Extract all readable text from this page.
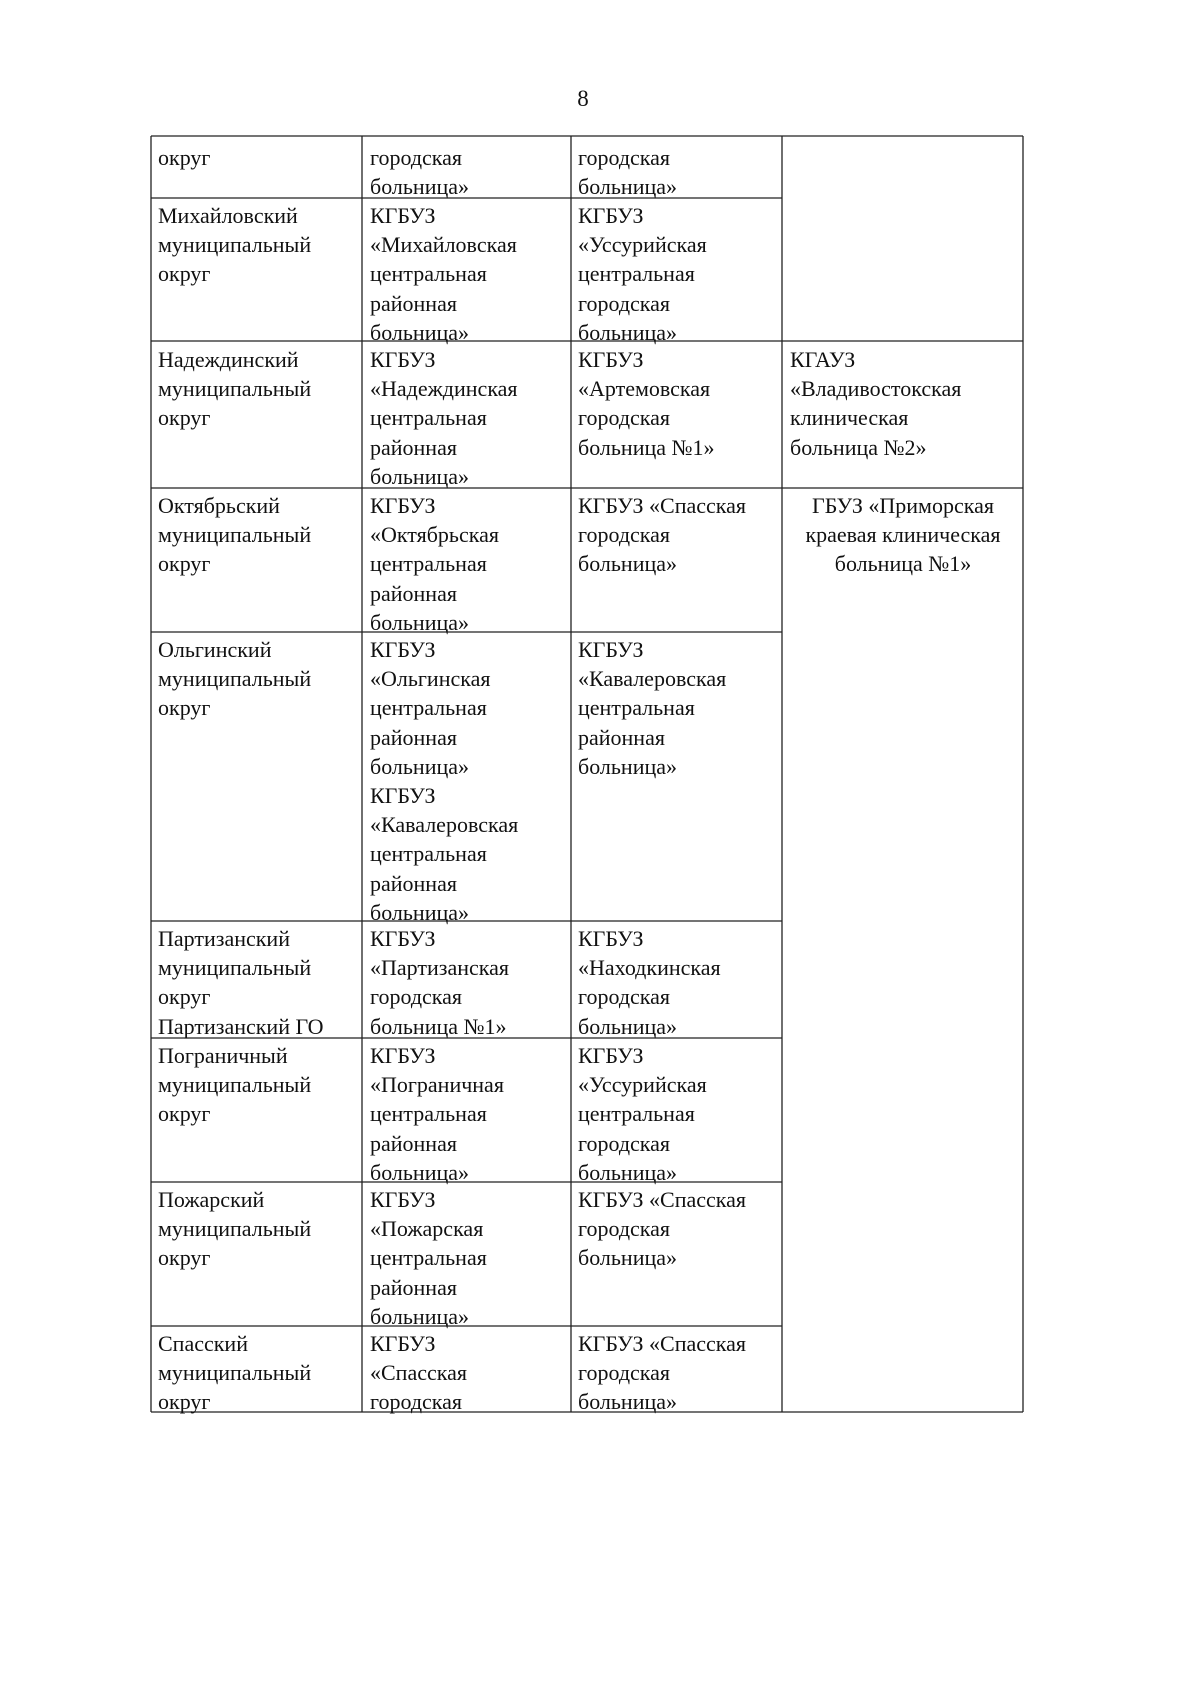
8

округ	городская
больница»

городская
больница»

Михайловский
муниципальный
округ

КГБУЗ
«Михайловская
центральная
районная
больница»

КГБУЗ
«Уссурийская
центральная
городская
больница»

Надеждинский
муниципальный
округ

КГБУЗ
«Надеждинская
центральная
районная
больница»

КГБУЗ
«Артемовская
городская
больница №1»

КГАУЗ
«Владивостокская
клиническая
больница №2»

Октябрьский
муниципальный
округ

КГБУЗ
«Октябрьская
центральная
районная
больница»

КГБУЗ «Спасская
городская
больница»

ГБУЗ «Приморская
краевая клиническая
больница №1»

Ольгинский
муниципальный
округ

КГБУЗ
«Ольгинская
центральная
районная
больница»
КГБУЗ
«Кавалеровская
центральная
районная
больница»

КГБУЗ
«Кавалеровская
центральная
районная
больница»

Партизанский
муниципальный
округ
Партизанский ГО

КГБУЗ
«Партизанская
городская
больница №1»

КГБУЗ
«Находкинская
городская
больница»

Пограничный
муниципальный
округ

КГБУЗ
«Пограничная
центральная
районная
больница»

КГБУЗ
«Уссурийская
центральная
городская
больница»

Пожарский
муниципальный
округ

КГБУЗ
«Пожарская
центральная
районная
больница»

КГБУЗ «Спасская
городская
больница»

Спасский
муниципальный
округ

КГБУЗ
«Спасская
городская

КГБУЗ «Спасская
городская
больница»
